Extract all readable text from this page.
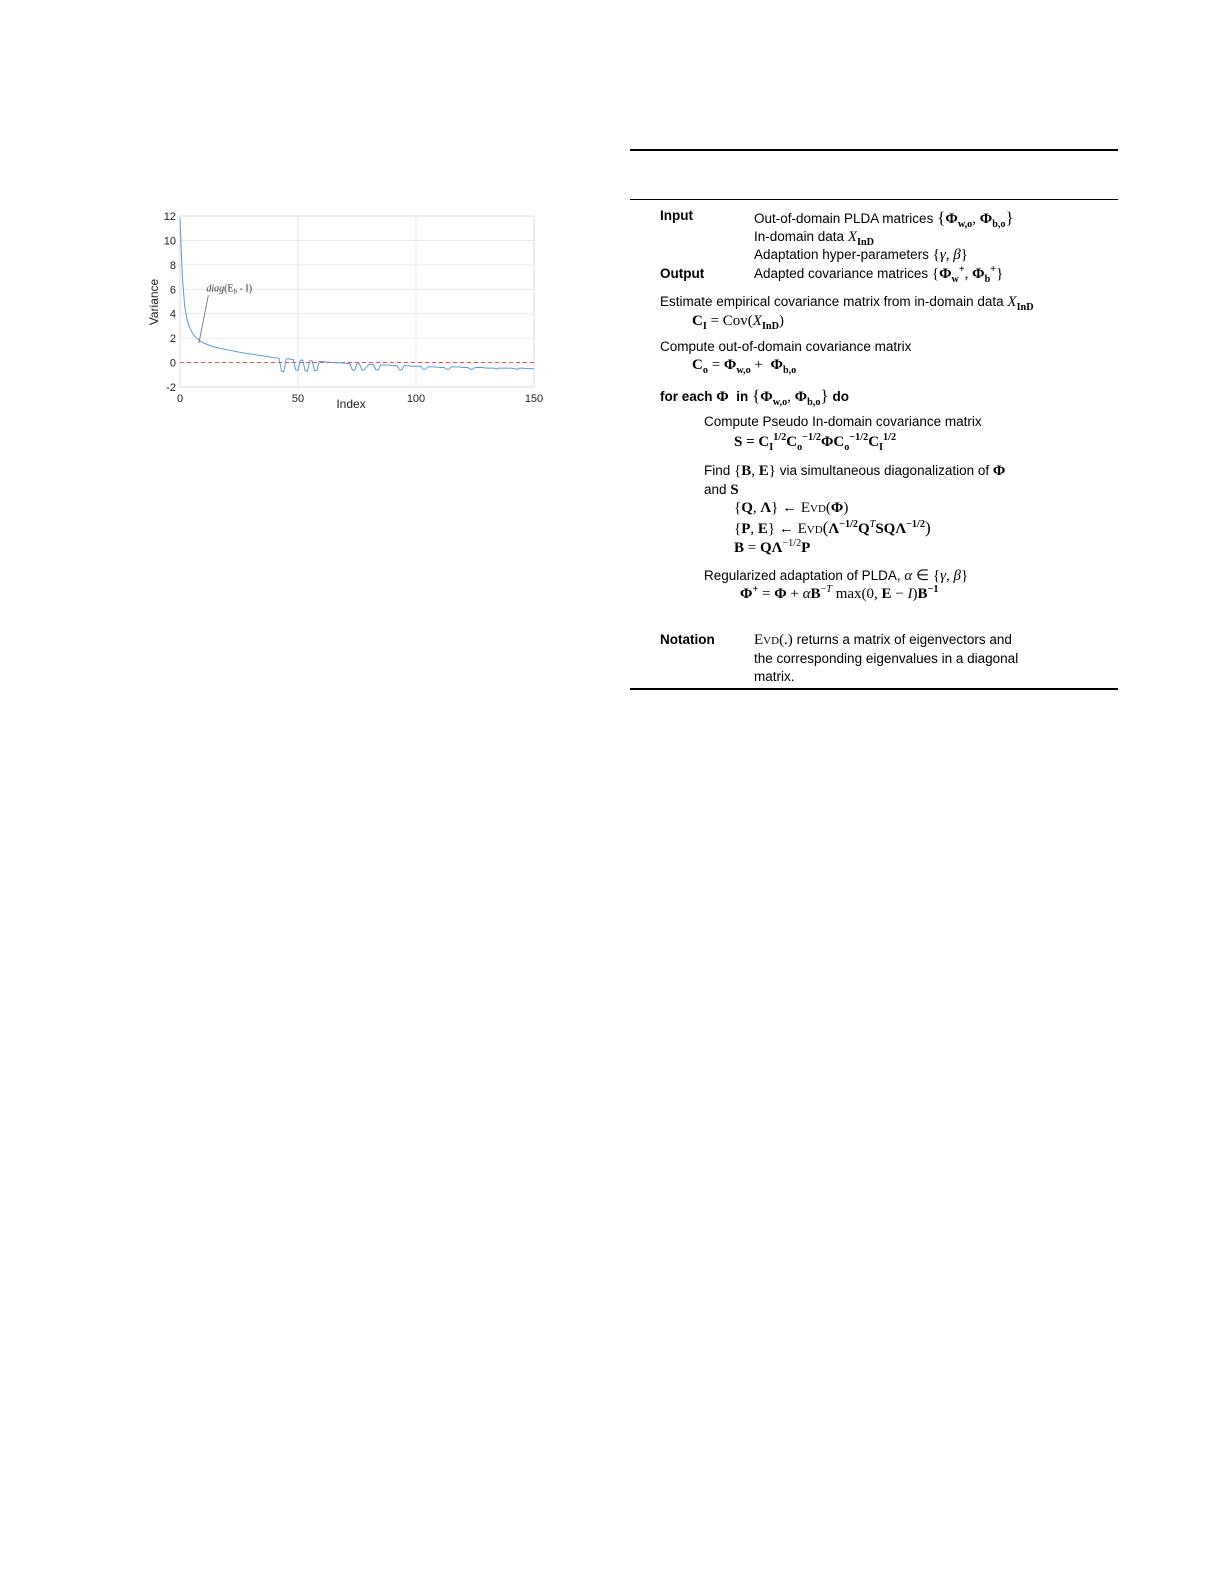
12
10
8
6
4
2
0
-2
0	50	100	150
Variance
Index
$diag(E_b - I)$
Input	Out-of-domain PLDA matrices {$\Phi_{w,o}$, $\Phi_{b,o}$}
In-domain data $X_{InD}$
Adaptation hyper-parameters {γ, β}
Output	Adapted covariance matrices {$\Phi_w^+$, $\Phi_b^+$}
Estimate empirical covariance matrix from in-domain data $X_{InD}$
$C_I = Cov(X_{InD})$
Compute out-of-domain covariance matrix
$C_o = \Phi_{w,o} + \Phi_{b,o}$
for each Φ in {$\Phi_{w,o}$, $\Phi_{b,o}$} do
Compute Pseudo In-domain covariance matrix
$S = C_I^{1/2}C_o^{-1/2}\Phi C_o^{-1/2}C_I^{1/2}$
Find {B, E} via simultaneous diagonalization of Φ
and S
{Q, Λ} ← Evd(Φ)
{P, E} ← $Evd(\Lambda^{-1/2}Q^TSQ\Lambda^{-1/2})$
$B = Q\Lambda^{-1/2}P$
Regularized adaptation of PLDA, α ∈ {γ, β}
$\Phi^+ = \Phi + \alpha B^{-T}$ max(0, $E - I)B^{-1}$
Notation	Evd(.) returns a matrix of eigenvectors and
the corresponding eigenvalues in a diagonal
matrix.
